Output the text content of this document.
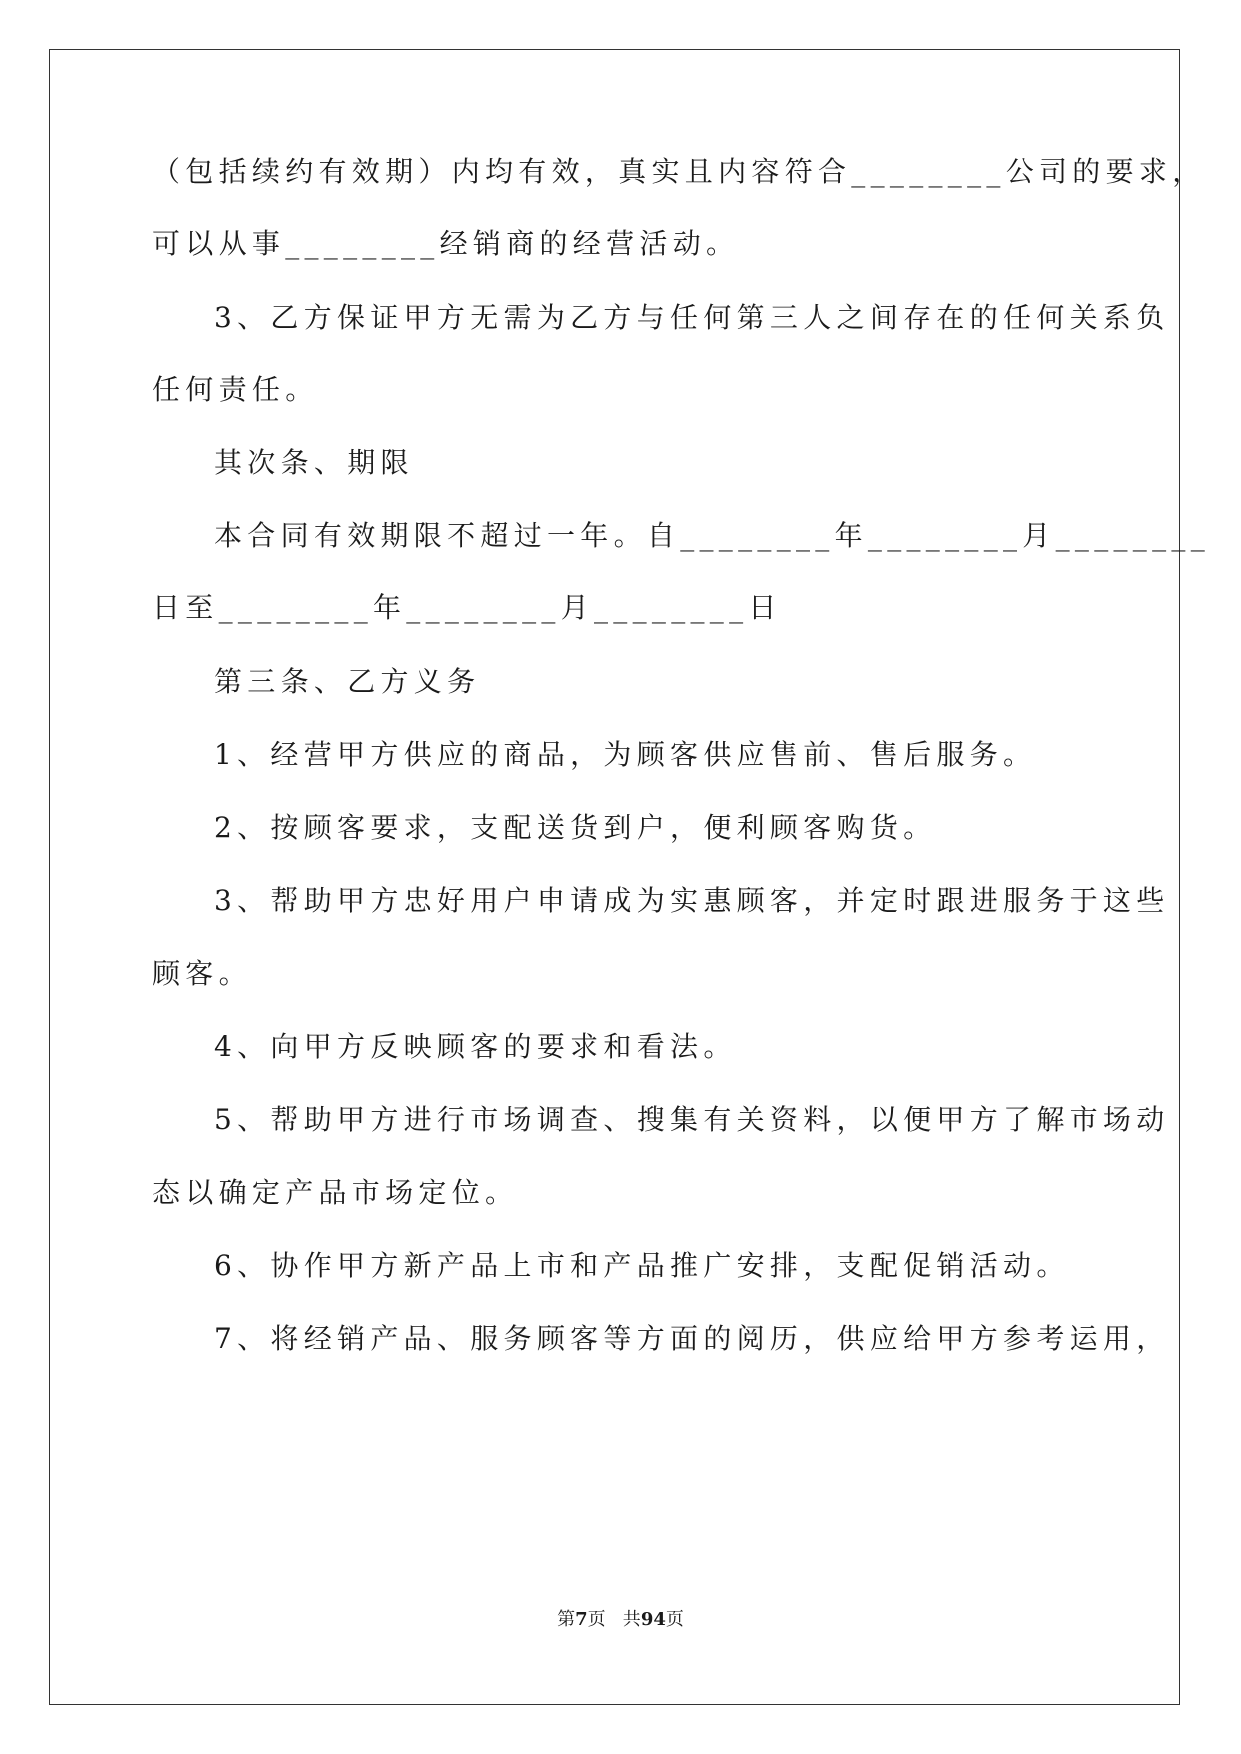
（包括续约有效期）内均有效，真实且内容符合________公司的要求，
可以从事________经销商的经营活动。
3、乙方保证甲方无需为乙方与任何第三人之间存在的任何关系负
任何责任。
其次条、期限
本合同有效期限不超过一年。自________年________月________
日至________年________月________日
第三条、乙方义务
1、经营甲方供应的商品，为顾客供应售前、售后服务。
2、按顾客要求，支配送货到户，便利顾客购货。
3、帮助甲方忠好用户申请成为实惠顾客，并定时跟进服务于这些
顾客。
4、向甲方反映顾客的要求和看法。
5、帮助甲方进行市场调查、搜集有关资料，以便甲方了解市场动
态以确定产品市场定位。
6、协作甲方新产品上市和产品推广安排，支配促销活动。
7、将经销产品、服务顾客等方面的阅历，供应给甲方参考运用，
第7页   共94页
